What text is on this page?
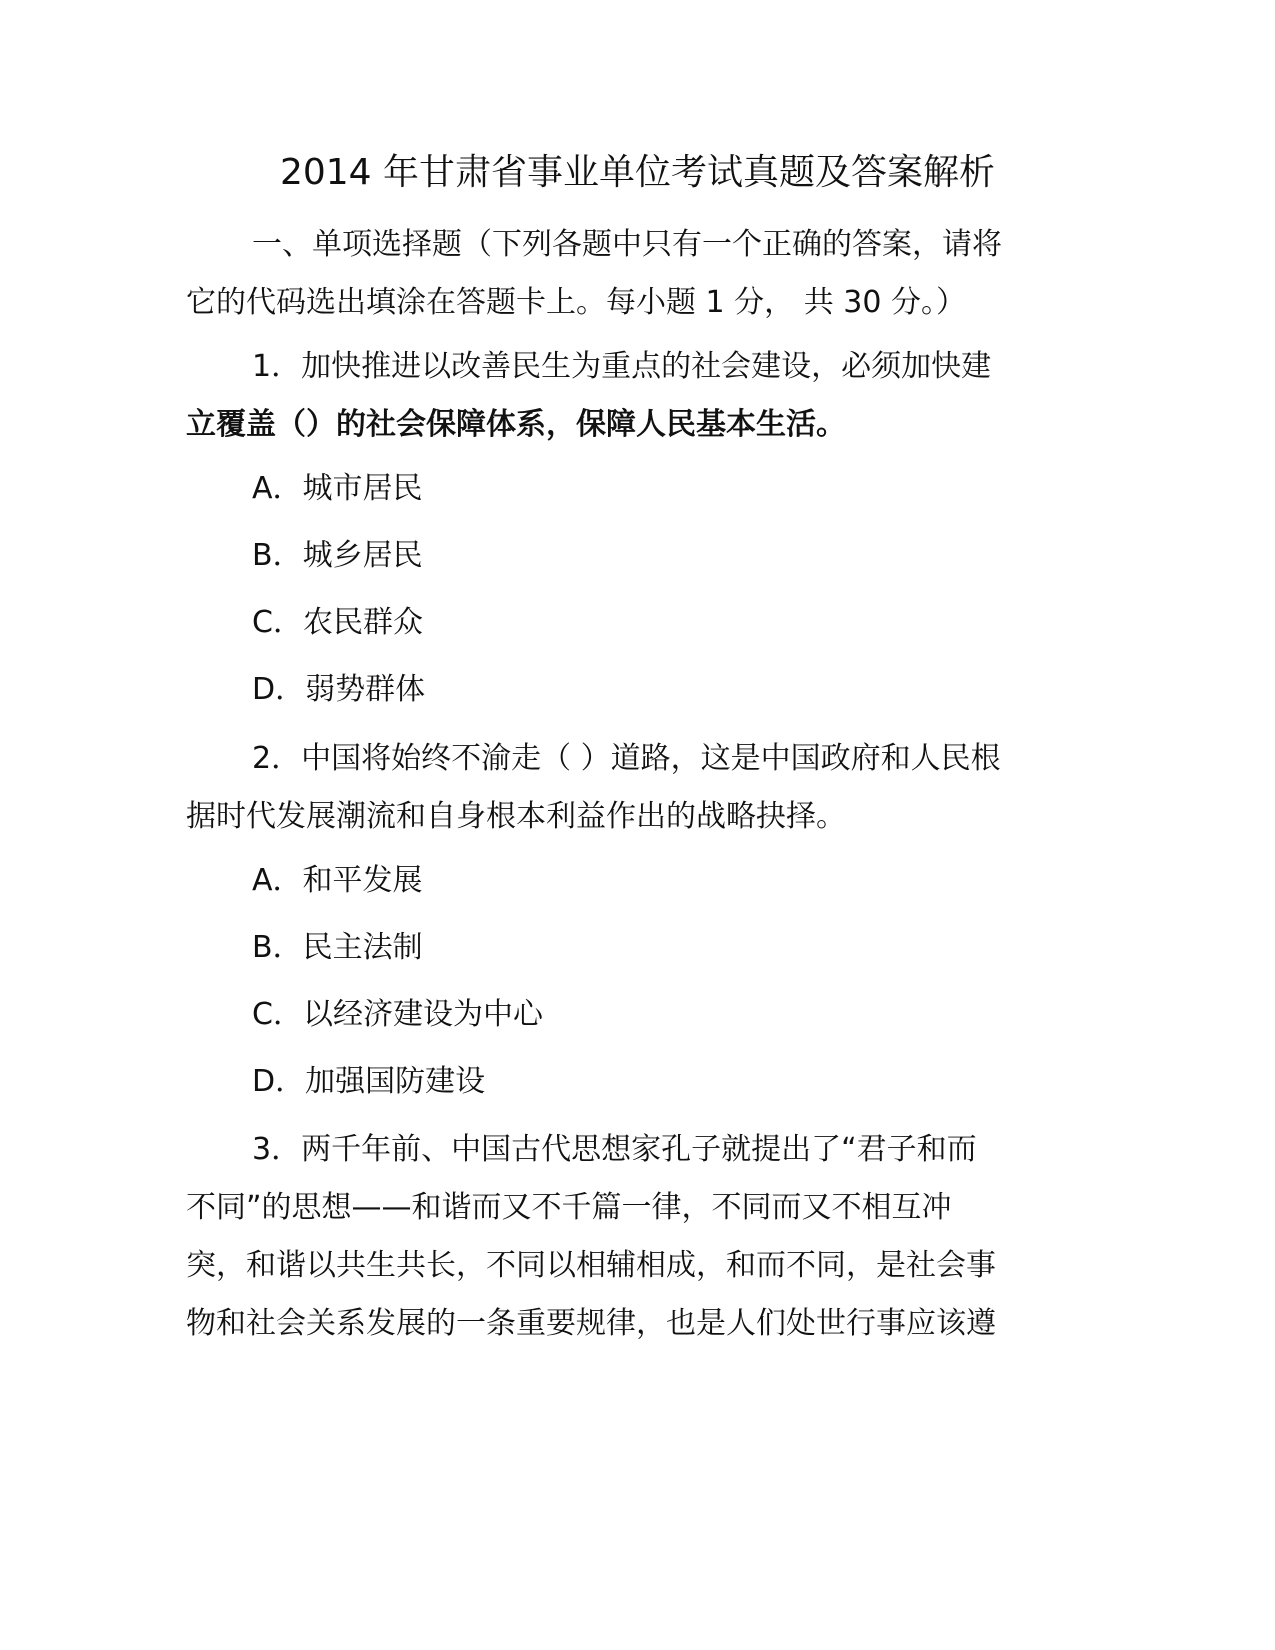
2014 年甘肃省事业单位考试真题及答案解析
一、单项选择题（下列各题中只有一个正确的答案，请将
它的代码选出填涂在答题卡上。每小题 1 分， 共 30 分。）
1．加快推进以改善民生为重点的社会建设，必须加快建
立覆盖（）的社会保障体系，保障人民基本生活。
A．城市居民
B．城乡居民
C．农民群众
D．弱势群体
2．中国将始终不渝走（ ）道路，这是中国政府和人民根
据时代发展潮流和自身根本利益作出的战略抉择。
A．和平发展
B．民主法制
C．以经济建设为中心
D．加强国防建设
3．两千年前、中国古代思想家孔子就提出了“君子和而
不同”的思想——和谐而又不千篇一律，不同而又不相互冲
突，和谐以共生共长，不同以相辅相成，和而不同，是社会事
物和社会关系发展的一条重要规律，也是人们处世行事应该遵
